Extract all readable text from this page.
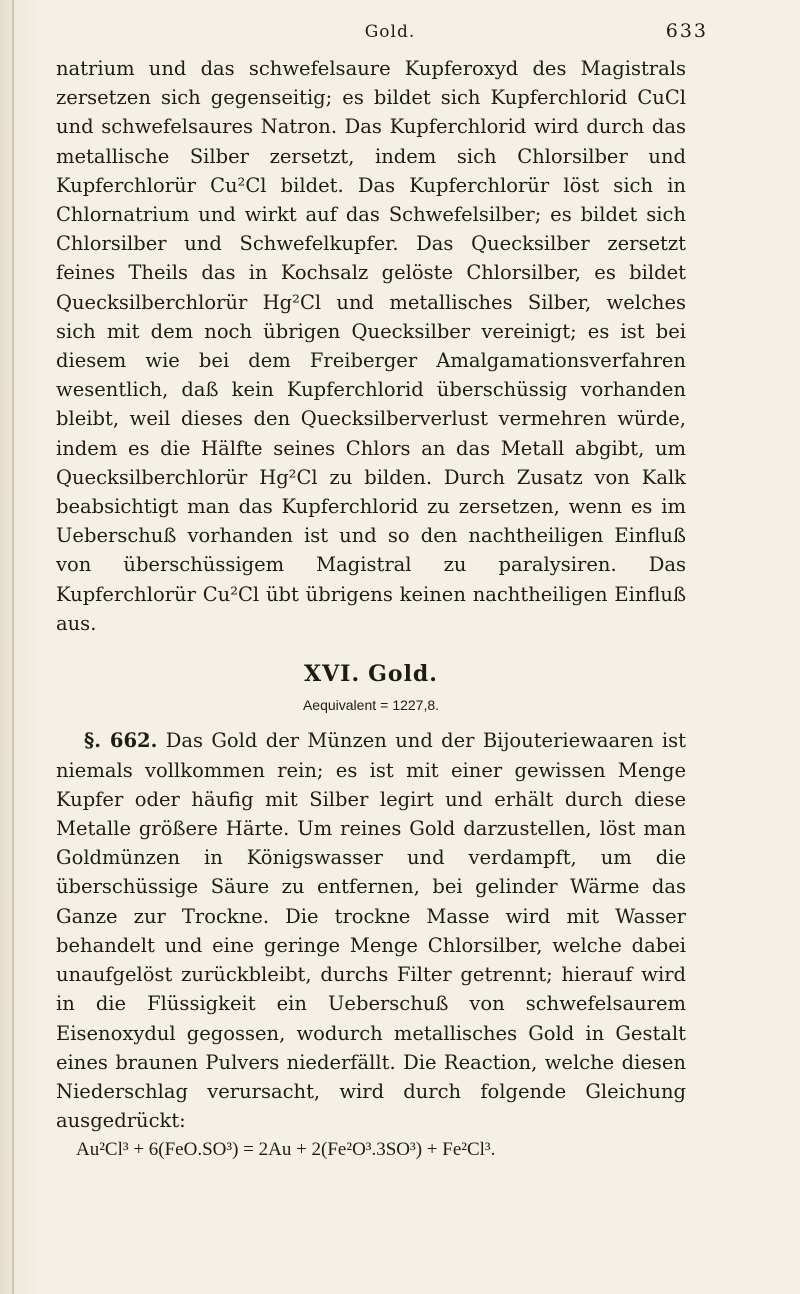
Gold.	633

natrium und das schwefelsaure Kupferoxyd des Magistrals zersetzen sich gegenseitig; es bildet sich Kupferchlorid CuCl und schwefelsaures Natron. Das Kupferchlorid wird durch das metallische Silber zersetzt, indem sich Chlorsilber und Kupferchlorür Cu²Cl bildet. Das Kupferchlorür löst sich in Chlornatrium und wirkt auf das Schwefelsilber; es bildet sich Chlorsilber und Schwefelkupfer. Das Quecksilber zersetzt feines Theils das in Kochsalz gelöste Chlorsilber, es bildet Quecksilberchlorür Hg²Cl und metallisches Silber, welches sich mit dem noch übrigen Quecksilber vereinigt; es ist bei diesem wie bei dem Freiberger Amalgamationsverfahren wesentlich, daß kein Kupferchlorid überschüssig vorhanden bleibt, weil dieses den Quecksilberverlust vermehren würde, indem es die Hälfte seines Chlors an das Metall abgibt, um Quecksilberchlorür Hg²Cl zu bilden. Durch Zusatz von Kalk beabsichtigt man das Kupferchlorid zu zersetzen, wenn es im Ueberschuß vorhanden ist und so den nachtheiligen Einfluß von überschüssigem Magistral zu paralysiren. Das Kupferchlorür Cu²Cl übt übrigens keinen nachtheiligen Einfluß aus.

XVI. Gold.
Aequivalent = 1227,8.

§. 662. Das Gold der Münzen und der Bijouteriewaaren ist niemals vollkommen rein; es ist mit einer gewissen Menge Kupfer oder häufig mit Silber legirt und erhält durch diese Metalle größere Härte. Um reines Gold darzustellen, löst man Goldmünzen in Königswasser und verdampft, um die überschüssige Säure zu entfernen, bei gelinder Wärme das Ganze zur Trockne. Die trockne Masse wird mit Wasser behandelt und eine geringe Menge Chlorsilber, welche dabei unaufgelöst zurückbleibt, durchs Filter getrennt; hierauf wird in die Flüssigkeit ein Ueberschuß von schwefelsaurem Eisenoxydul gegossen, wodurch metallisches Gold in Gestalt eines braunen Pulvers niederfällt. Die Reaction, welche diesen Niederschlag verursacht, wird durch folgende Gleichung ausgedrückt:

Au²Cl³ + 6(FeO.SO³) = 2Au + 2(Fe²O³.3SO³) + Fe²Cl³.
